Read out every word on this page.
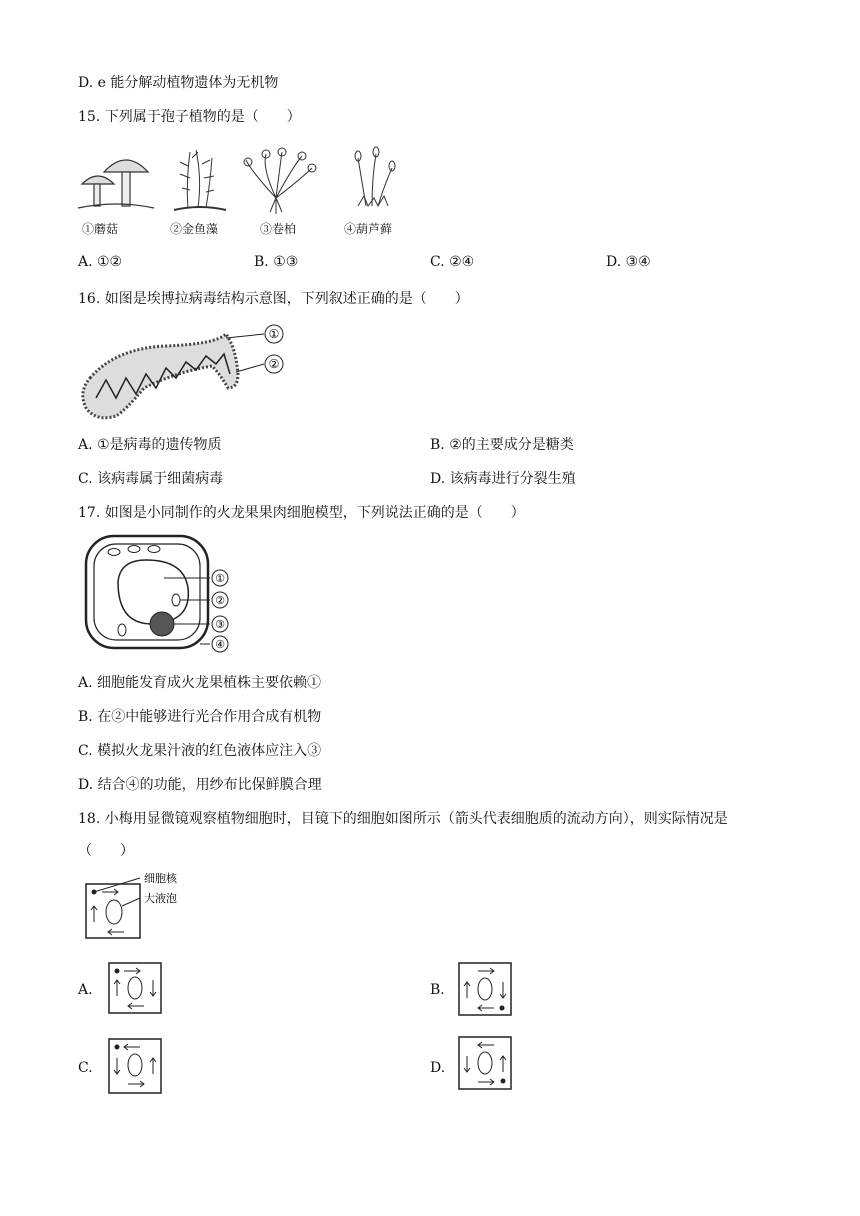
D. e 能分解动植物遗体为无机物
15. 下列属于孢子植物的是（　　）
①蘑菇	②金鱼藻	③卷柏	④葫芦藓
A. ①②	B. ①③	C. ②④	D. ③④
16. 如图是埃博拉病毒结构示意图，下列叙述正确的是（　　）
①
②
A. ①是病毒的遗传物质	B. ②的主要成分是糖类
C. 该病毒属于细菌病毒	D. 该病毒进行分裂生殖
17. 如图是小同制作的火龙果果肉细胞模型，下列说法正确的是（　　）
①
②
③
④
A. 细胞能发育成火龙果植株主要依赖①
B. 在②中能够进行光合作用合成有机物
C. 模拟火龙果汁液的红色液体应注入③
D. 结合④的功能，用纱布比保鲜膜合理
18. 小梅用显微镜观察植物细胞时，目镜下的细胞如图所示（箭头代表细胞质的流动方向），则实际情况是
（　　）
细胞核
大液泡
A.	B.
C.	D.
